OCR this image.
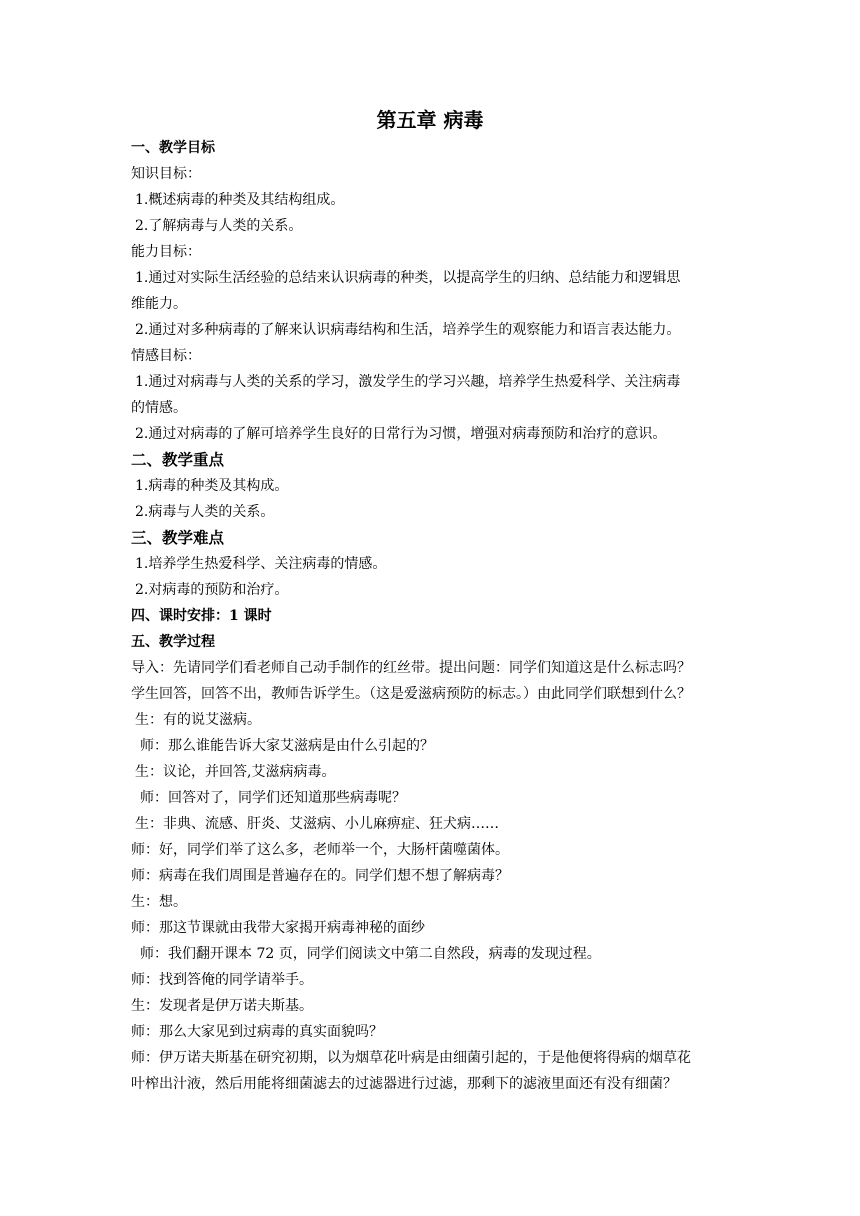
第五章 病毒
一、教学目标
知识目标：
1.概述病毒的种类及其结构组成。
2.了解病毒与人类的关系。
能力目标：
1.通过对实际生活经验的总结来认识病毒的种类，以提高学生的归纳、总结能力和逻辑思
维能力。
2.通过对多种病毒的了解来认识病毒结构和生活，培养学生的观察能力和语言表达能力。
情感目标：
1.通过对病毒与人类的关系的学习，激发学生的学习兴趣，培养学生热爱科学、关注病毒
的情感。
2.通过对病毒的了解可培养学生良好的日常行为习惯，增强对病毒预防和治疗的意识。
二、教学重点
1.病毒的种类及其构成。
2.病毒与人类的关系。
三、教学难点
1.培养学生热爱科学、关注病毒的情感。
2.对病毒的预防和治疗。
四、课时安排：1 课时
五、教学过程
导入：先请同学们看老师自己动手制作的红丝带。提出问题：同学们知道这是什么标志吗？
学生回答，回答不出，教师告诉学生。（这是爱滋病预防的标志。）由此同学们联想到什么？
生：有的说艾滋病。
师：那么谁能告诉大家艾滋病是由什么引起的？
生：议论，并回答,艾滋病病毒。
师：回答对了，同学们还知道那些病毒呢？
生：非典、流感、肝炎、艾滋病、小儿麻痹症、狂犬病……
师：好，同学们举了这么多，老师举一个，大肠杆菌噬菌体。
师：病毒在我们周围是普遍存在的。同学们想不想了解病毒？
生：想。
师：那这节课就由我带大家揭开病毒神秘的面纱
师：我们翻开课本 72 页，同学们阅读文中第二自然段，病毒的发现过程。
师：找到答俺的同学请举手。
生：发现者是伊万诺夫斯基。
师：那么大家见到过病毒的真实面貌吗？
师：伊万诺夫斯基在研究初期，以为烟草花叶病是由细菌引起的，于是他便将得病的烟草花
叶榨出汁液，然后用能将细菌滤去的过滤器进行过滤，那剩下的滤液里面还有没有细菌？
